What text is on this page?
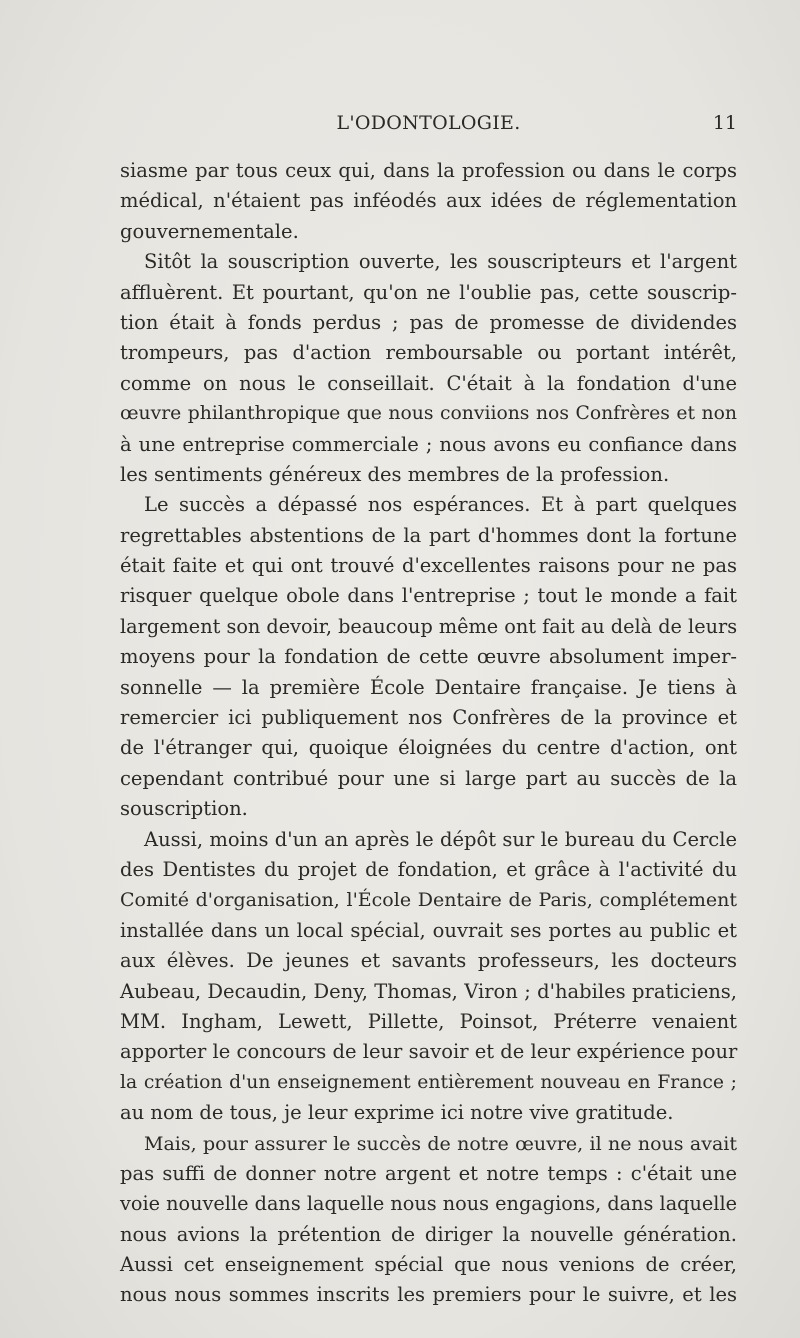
L'ODONTOLOGIE.	11
siasme par tous ceux qui, dans la profession ou dans le corps
médical, n'étaient pas inféodés aux idées de réglementation
gouvernementale.
Sitôt la souscription ouverte, les souscripteurs et l'argent
affluèrent. Et pourtant, qu'on ne l'oublie pas, cette souscrip-
tion était à fonds perdus ; pas de promesse de dividendes
trompeurs, pas d'action remboursable ou portant intérêt,
comme on nous le conseillait. C'était à la fondation d'une
œuvre philanthropique que nous conviions nos Confrères et non
à une entreprise commerciale ; nous avons eu confiance dans
les sentiments généreux des membres de la profession.
Le succès a dépassé nos espérances. Et à part quelques
regrettables abstentions de la part d'hommes dont la fortune
était faite et qui ont trouvé d'excellentes raisons pour ne pas
risquer quelque obole dans l'entreprise ; tout le monde a fait
largement son devoir, beaucoup même ont fait au delà de leurs
moyens pour la fondation de cette œuvre absolument imper-
sonnelle — la première École Dentaire française. Je tiens à
remercier ici publiquement nos Confrères de la province et
de l'étranger qui, quoique éloignées du centre d'action, ont
cependant contribué pour une si large part au succès de la
souscription.
Aussi, moins d'un an après le dépôt sur le bureau du Cercle
des Dentistes du projet de fondation, et grâce à l'activité du
Comité d'organisation, l'École Dentaire de Paris, complétement
installée dans un local spécial, ouvrait ses portes au public et
aux élèves. De jeunes et savants professeurs, les docteurs
Aubeau, Decaudin, Deny, Thomas, Viron ; d'habiles praticiens,
MM. Ingham, Lewett, Pillette, Poinsot, Préterre venaient
apporter le concours de leur savoir et de leur expérience pour
la création d'un enseignement entièrement nouveau en France ;
au nom de tous, je leur exprime ici notre vive gratitude.
Mais, pour assurer le succès de notre œuvre, il ne nous avait
pas suffi de donner notre argent et notre temps : c'était une
voie nouvelle dans laquelle nous nous engagions, dans laquelle
nous avions la prétention de diriger la nouvelle génération.
Aussi cet enseignement spécial que nous venions de créer,
nous nous sommes inscrits les premiers pour le suivre, et les
